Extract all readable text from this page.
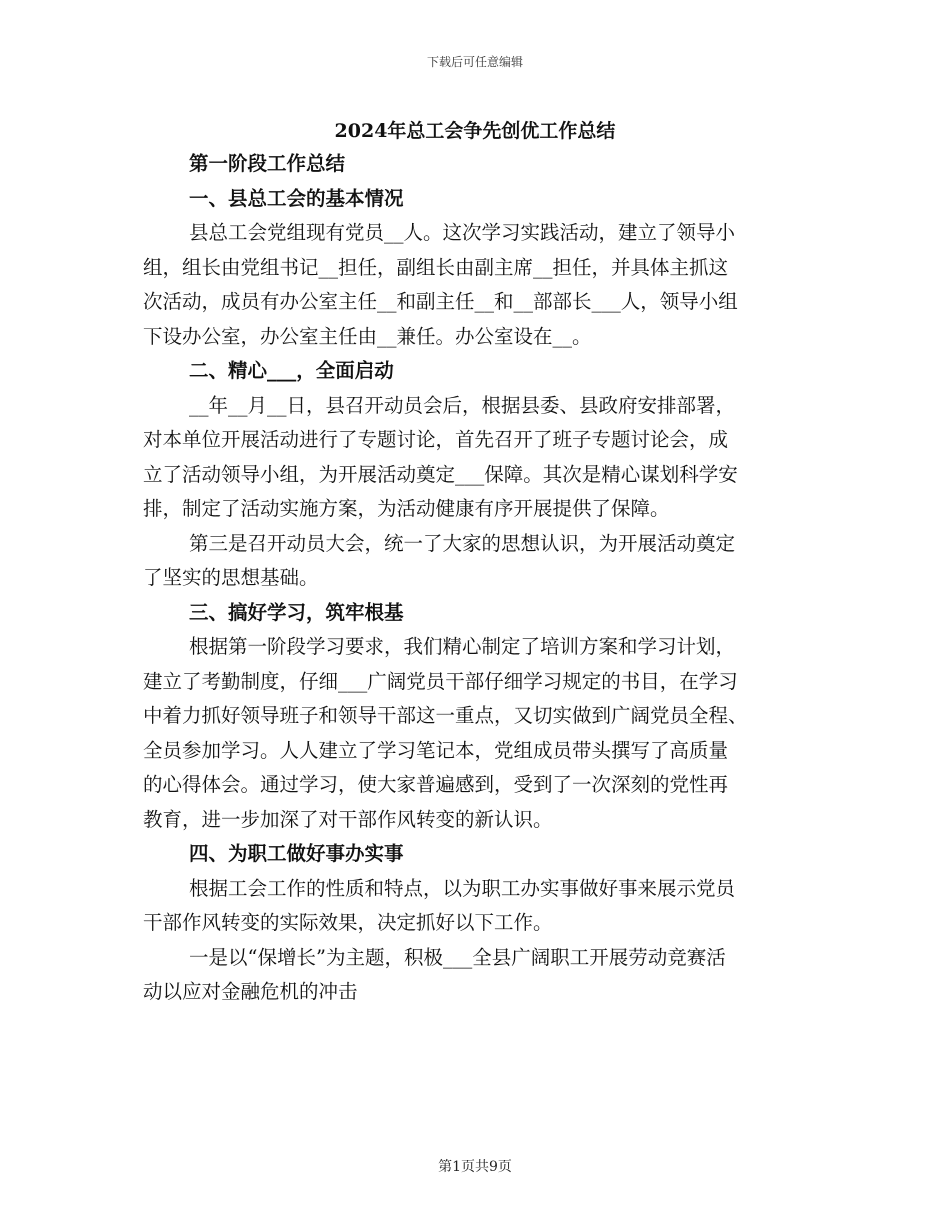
下载后可任意编辑
2024年总工会争先创优工作总结
第一阶段工作总结
一、县总工会的基本情况
县总工会党组现有党员__人。这次学习实践活动，建立了领导小
组，组长由党组书记__担任，副组长由副主席__担任，并具体主抓这
次活动，成员有办公室主任__和副主任__和__部部长___人，领导小组
下设办公室，办公室主任由__兼任。办公室设在__。
二、精心___，全面启动
__年__月__日，县召开动员会后，根据县委、县政府安排部署，
对本单位开展活动进行了专题讨论，首先召开了班子专题讨论会，成
立了活动领导小组，为开展活动奠定___保障。其次是精心谋划科学安
排，制定了活动实施方案，为活动健康有序开展提供了保障。
第三是召开动员大会，统一了大家的思想认识，为开展活动奠定
了坚实的思想基础。
三、搞好学习，筑牢根基
根据第一阶段学习要求，我们精心制定了培训方案和学习计划，
建立了考勤制度，仔细___广阔党员干部仔细学习规定的书目，在学习
中着力抓好领导班子和领导干部这一重点，又切实做到广阔党员全程、
全员参加学习。人人建立了学习笔记本，党组成员带头撰写了高质量
的心得体会。通过学习，使大家普遍感到，受到了一次深刻的党性再
教育，进一步加深了对干部作风转变的新认识。
四、为职工做好事办实事
根据工会工作的性质和特点，以为职工办实事做好事来展示党员
干部作风转变的实际效果，决定抓好以下工作。
一是以“保增长”为主题，积极___全县广阔职工开展劳动竞赛活
动以应对金融危机的冲击
第1页共9页
